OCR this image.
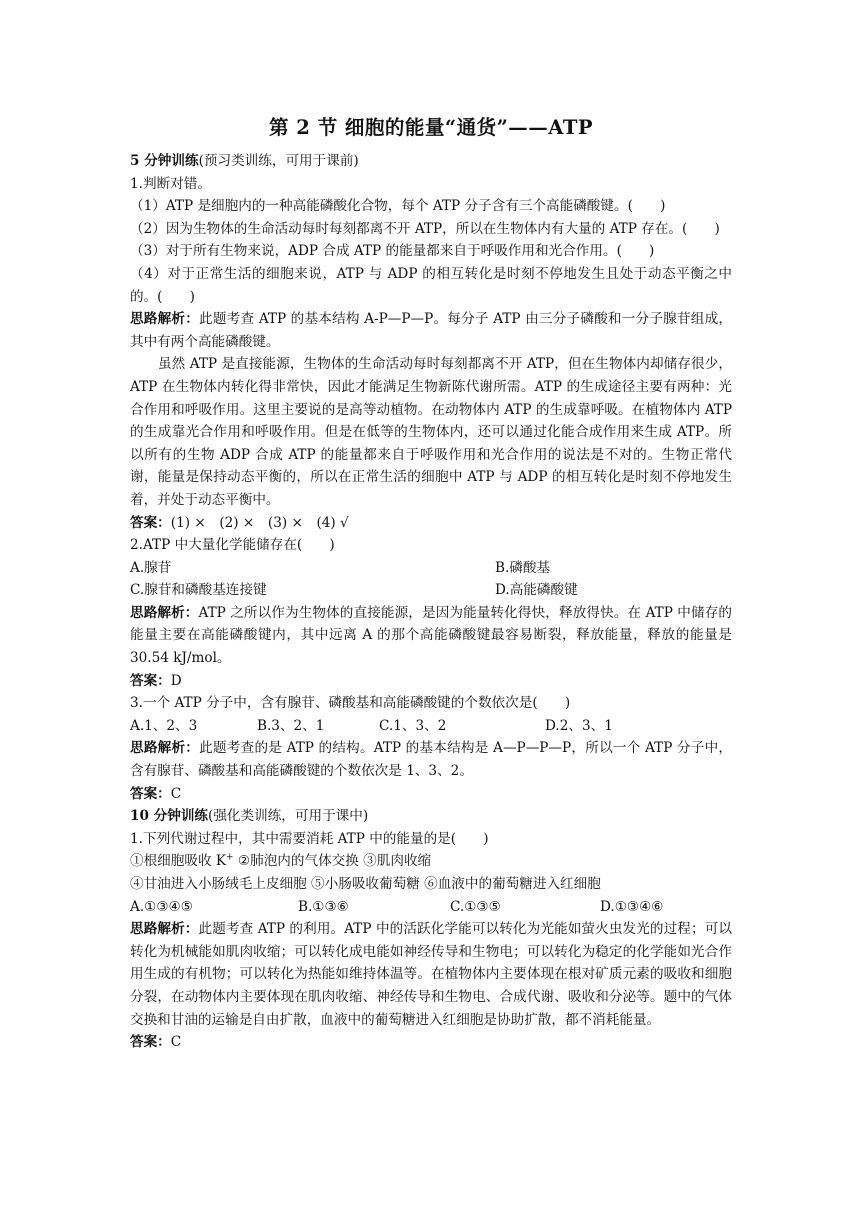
第 2 节 细胞的能量“通货”——ATP

5 分钟训练(预习类训练，可用于课前)

1.判断对错。

（1）ATP 是细胞内的一种高能磷酸化合物，每个 ATP 分子含有三个高能磷酸键。(　　)

（2）因为生物体的生命活动每时每刻都离不开 ATP，所以在生物体内有大量的 ATP 存在。(　　)

（3）对于所有生物来说，ADP 合成 ATP 的能量都来自于呼吸作用和光合作用。(　　)

（4）对于正常生活的细胞来说，ATP 与 ADP 的相互转化是时刻不停地发生且处于动态平衡之中的。(　　)

思路解析：此题考查 ATP 的基本结构 A-P—P—P。每分子 ATP 由三分子磷酸和一分子腺苷组成，其中有两个高能磷酸键。

虽然 ATP 是直接能源，生物体的生命活动每时每刻都离不开 ATP，但在生物体内却储存很少，ATP 在生物体内转化得非常快，因此才能满足生物新陈代谢所需。ATP 的生成途径主要有两种：光合作用和呼吸作用。这里主要说的是高等动植物。在动物体内 ATP 的生成靠呼吸。在植物体内 ATP 的生成靠光合作用和呼吸作用。但是在低等的生物体内，还可以通过化能合成作用来生成 ATP。所以所有的生物 ADP 合成 ATP 的能量都来自于呼吸作用和光合作用的说法是不对的。生物正常代谢，能量是保持动态平衡的，所以在正常生活的细胞中 ATP 与 ADP 的相互转化是时刻不停地发生着，并处于动态平衡中。

答案：(1) ×　(2) ×　(3) ×　(4) √

2.ATP 中大量化学能储存在(　　)

A.腺苷	B.磷酸基

C.腺苷和磷酸基连接键	D.高能磷酸键

思路解析：ATP 之所以作为生物体的直接能源，是因为能量转化得快，释放得快。在 ATP 中储存的能量主要在高能磷酸键内，其中远离 A 的那个高能磷酸键最容易断裂，释放能量，释放的能量是 30.54 kJ/mol。

答案：D

3.一个 ATP 分子中，含有腺苷、磷酸基和高能磷酸键的个数依次是(　　)

A.1、2、3	B.3、2、1	C.1、3、2	D.2、3、1

思路解析：此题考查的是 ATP 的结构。ATP 的基本结构是 A—P—P—P，所以一个 ATP 分子中，含有腺苷、磷酸基和高能磷酸键的个数依次是 1、3、2。

答案：C

10 分钟训练(强化类训练，可用于课中)

1.下列代谢过程中，其中需要消耗 ATP 中的能量的是(　　)

①根细胞吸收 K+ ②肺泡内的气体交换 ③肌肉收缩

④甘油进入小肠绒毛上皮细胞 ⑤小肠吸收葡萄糖 ⑥血液中的葡萄糖进入红细胞

A.①③④⑤	B.①③⑥	C.①③⑤	D.①③④⑥

思路解析：此题考查 ATP 的利用。ATP 中的活跃化学能可以转化为光能如萤火虫发光的过程；可以转化为机械能如肌肉收缩；可以转化成电能如神经传导和生物电；可以转化为稳定的化学能如光合作用生成的有机物；可以转化为热能如维持体温等。在植物体内主要体现在根对矿质元素的吸收和细胞分裂，在动物体内主要体现在肌肉收缩、神经传导和生物电、合成代谢、吸收和分泌等。题中的气体交换和甘油的运输是自由扩散，血液中的葡萄糖进入红细胞是协助扩散，都不消耗能量。

答案：C
